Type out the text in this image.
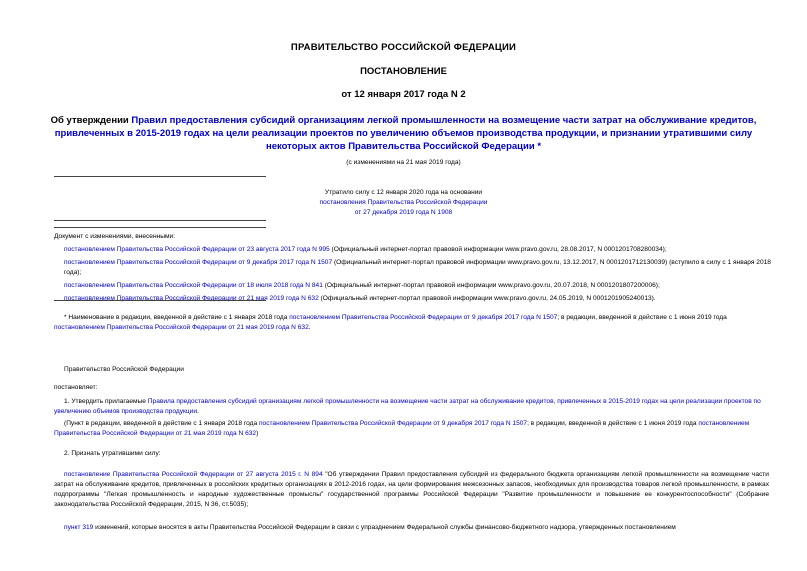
ПРАВИТЕЛЬСТВО РОССИЙСКОЙ ФЕДЕРАЦИИ
ПОСТАНОВЛЕНИЕ
от 12 января 2017 года N 2
Об утверждении Правил предоставления субсидий организациям легкой промышленности на возмещение части затрат на обслуживание кредитов, привлеченных в 2015-2019 годах на цели реализации проектов по увеличению объемов производства продукции, и признании утратившими силу некоторых актов Правительства Российской Федерации *
(с изменениями на 21 мая 2019 года)
Утратило силу с 12 января 2020 года на основании
постановления Правительства Российской Федерации
от 27 декабря 2019 года N 1908

Документ с изменениями, внесенными:

постановлением Правительства Российской Федерации от 23 августа 2017 года N 995 (Официальный интернет-портал правовой информации www.pravo.gov.ru, 28.08.2017, N 0001201708280034);

постановлением Правительства Российской Федерации от 9 декабря 2017 года N 1507 (Официальный интернет-портал правовой информации www.pravo.gov.ru, 13.12.2017, N 0001201712130039) (вступило в силу с 1 января 2018 года);

постановлением Правительства Российской Федерации от 18 июля 2018 года N 841 (Официальный интернет-портал правовой информации www.pravo.gov.ru, 20.07.2018, N 0001201807200006);

постановлением Правительства Российской Федерации от 21 мая 2019 года N 632 (Официальный интернет-портал правовой информации www.pravo.gov.ru, 24.05.2019, N 0001201905240013).

* Наименование в редакции, введенной в действие с 1 января 2018 года постановлением Правительства Российской Федерации от 9 декабря 2017 года N 1507; в редакции, введенной в действие с 1 июня 2019 года постановлением Правительства Российской Федерации от 21 мая 2019 года N 632.
Правительство Российской Федерации
постановляет:
1. Утвердить прилагаемые Правила предоставления субсидий организациям легкой промышленности на возмещение части затрат на обслуживание кредитов, привлеченных в 2015-2019 годах на цели реализации проектов по увеличению объемов производства продукции.
(Пункт в редакции, введенной в действие с 1 января 2018 года постановлением Правительства Российской Федерации от 9 декабря 2017 года N 1507; в редакции, введенной в действие с 1 июня 2019 года постановлением Правительства Российской Федерации от 21 мая 2019 года N 632)
2. Признать утратившими силу:
постановление Правительства Российской Федерации от 27 августа 2015 г. N 894 "Об утверждении Правил предоставления субсидий из федерального бюджета организациям легкой промышленности на возмещение части затрат на обслуживание кредитов, привлеченных в российских кредитных организациях в 2012-2016 годах, на цели формирования межсезонных запасов, необходимых для производства товаров легкой промышленности, в рамках подпрограммы "Легкая промышленность и народные художественные промыслы" государственной программы Российской Федерации "Развитие промышленности и повышение ее конкурентоспособности" (Собрание законодательства Российской Федерации, 2015, N 36, ст.5035);
пункт 319 изменений, которые вносятся в акты Правительства Российской Федерации в связи с упразднением Федеральной службы финансово-бюджетного надзора, утвержденных постановлением
